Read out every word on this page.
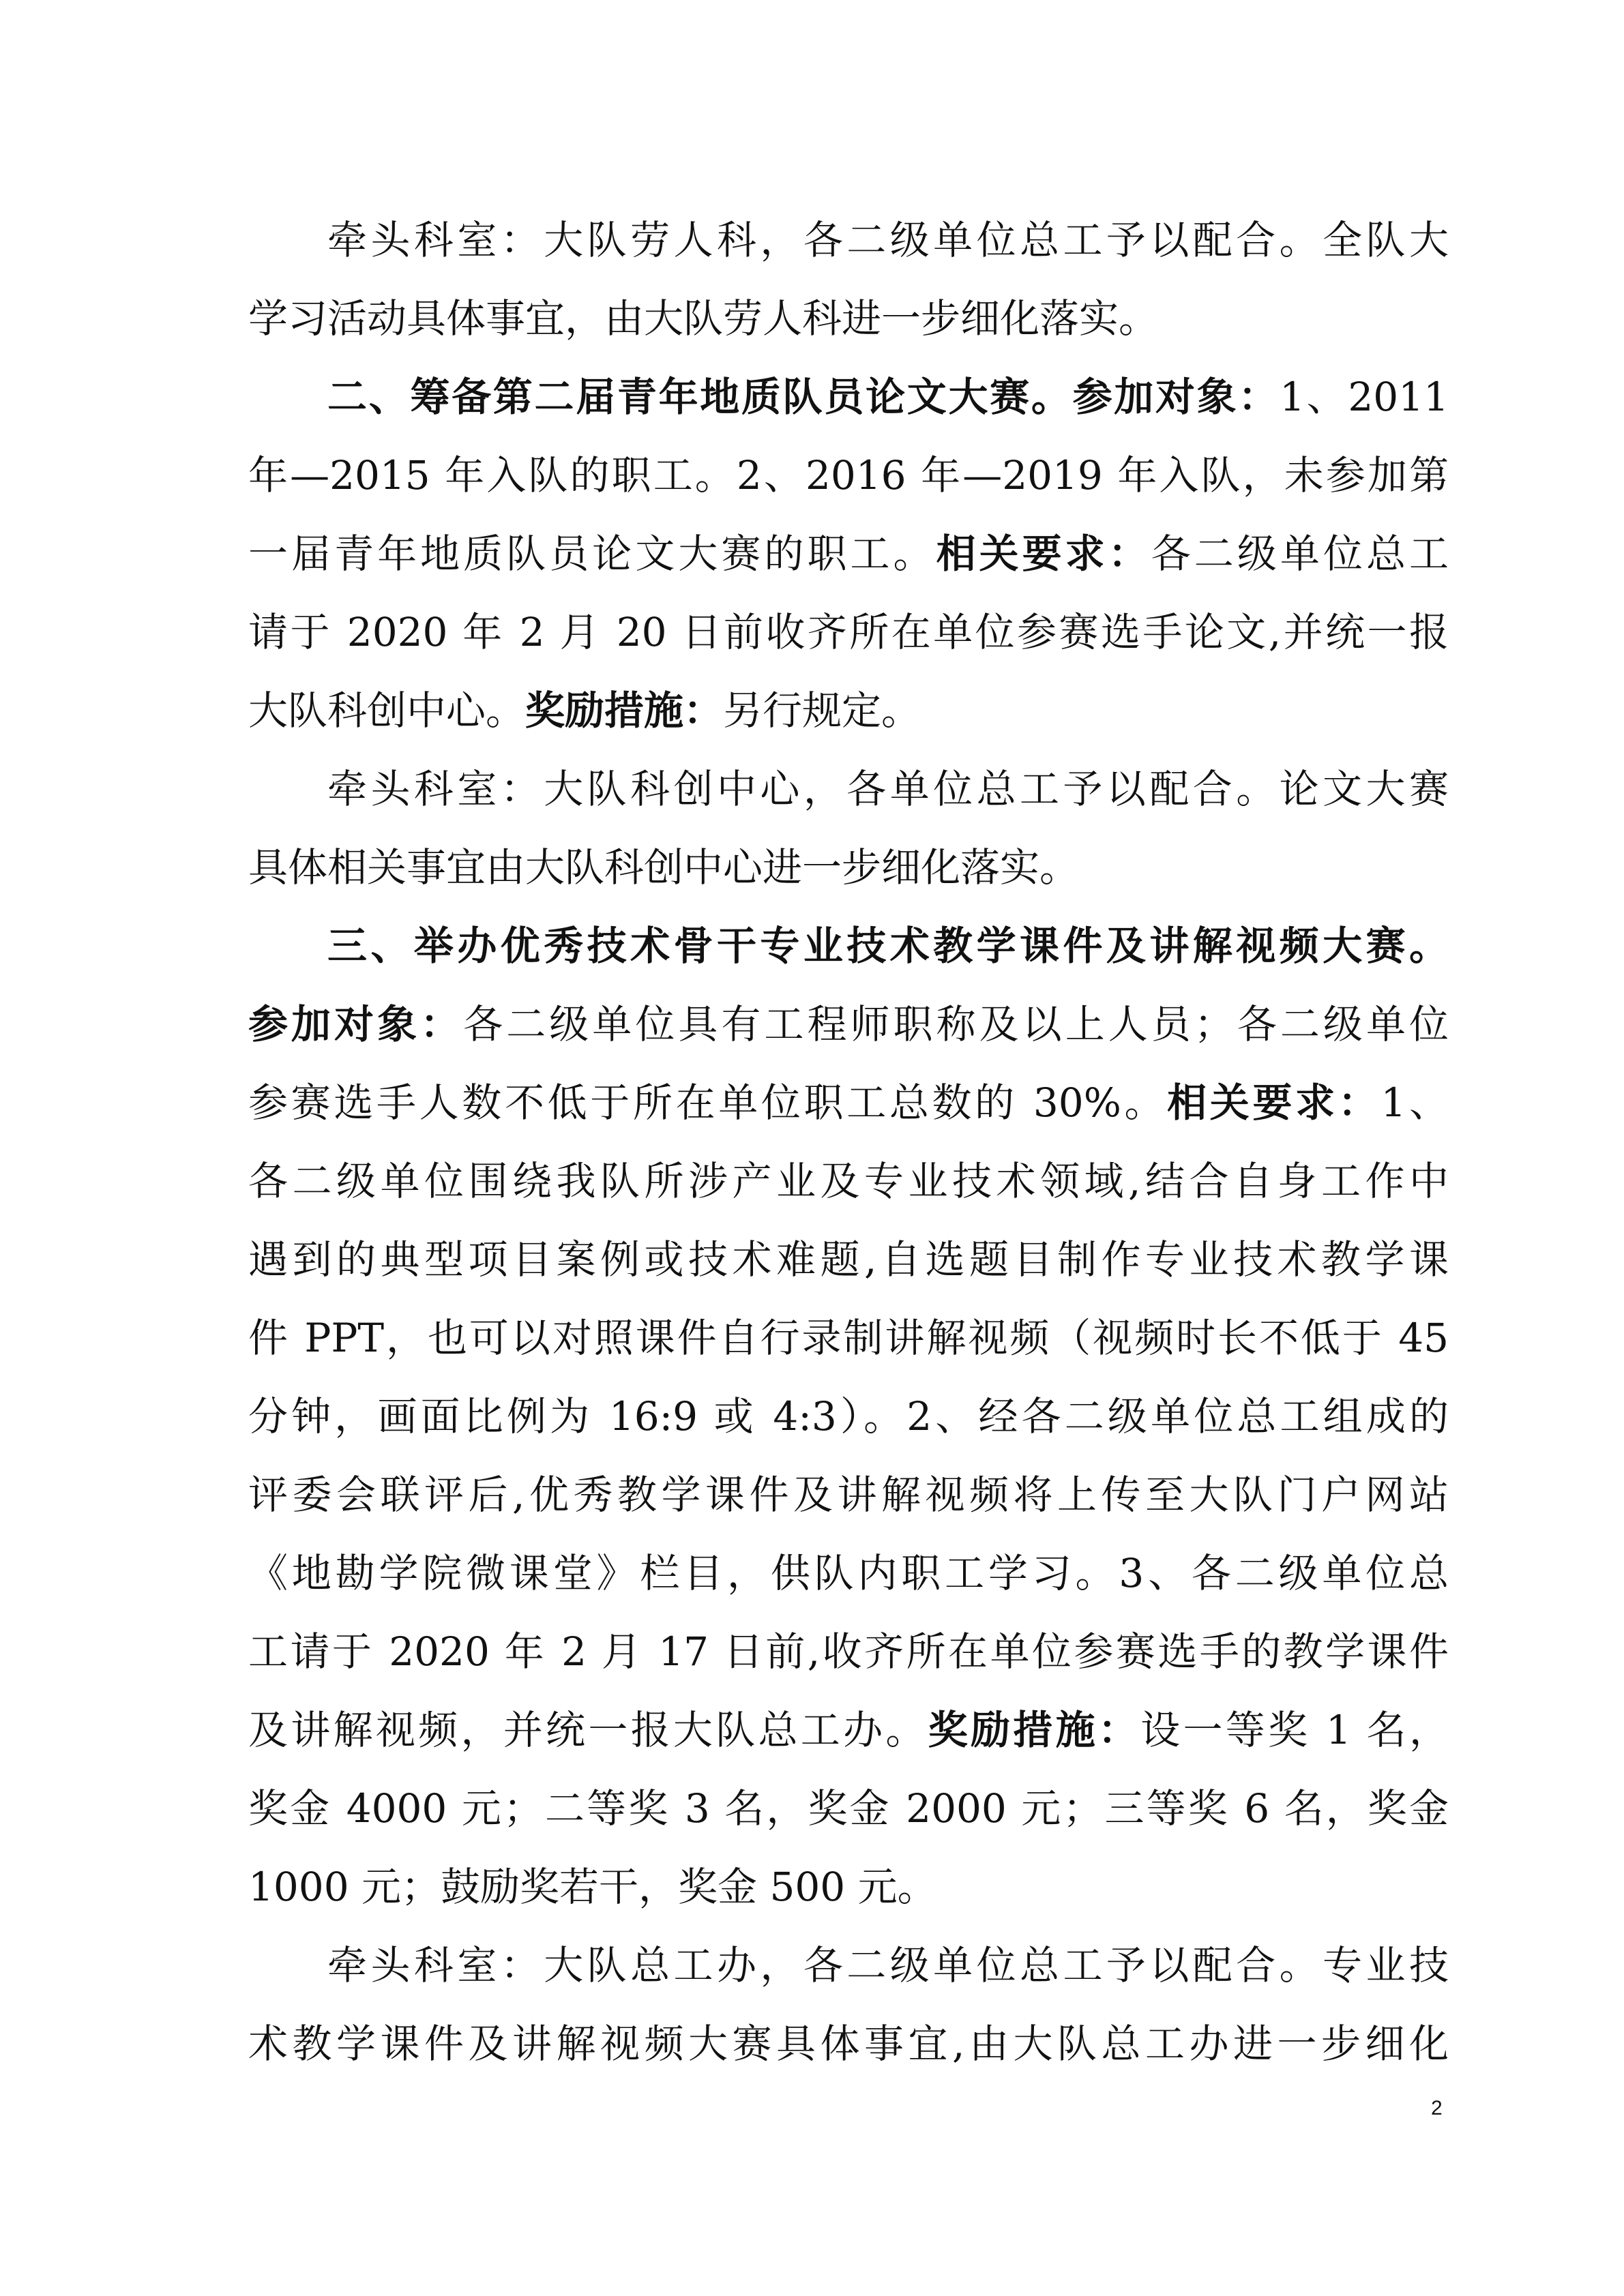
牵头科室：大队劳人科，各二级单位总工予以配合。全队大
学习活动具体事宜，由大队劳人科进一步细化落实。
二、筹备第二届青年地质队员论文大赛。参加对象：1、2011
年—2015 年入队的职工。2、2016 年—2019 年入队，未参加第
一届青年地质队员论文大赛的职工。相关要求：各二级单位总工
请于 2020 年 2 月 20 日前收齐所在单位参赛选手论文,并统一报
大队科创中心。奖励措施：另行规定。
牵头科室：大队科创中心，各单位总工予以配合。论文大赛
具体相关事宜由大队科创中心进一步细化落实。
三、举办优秀技术骨干专业技术教学课件及讲解视频大赛。
参加对象：各二级单位具有工程师职称及以上人员；各二级单位
参赛选手人数不低于所在单位职工总数的 30%。相关要求：1、
各二级单位围绕我队所涉产业及专业技术领域,结合自身工作中
遇到的典型项目案例或技术难题,自选题目制作专业技术教学课
件 PPT，也可以对照课件自行录制讲解视频（视频时长不低于 45
分钟，画面比例为 16:9 或 4:3）。2、经各二级单位总工组成的
评委会联评后,优秀教学课件及讲解视频将上传至大队门户网站
《地勘学院微课堂》栏目，供队内职工学习。3、各二级单位总
工请于 2020 年 2 月 17 日前,收齐所在单位参赛选手的教学课件
及讲解视频，并统一报大队总工办。奖励措施：设一等奖 1 名，
奖金 4000 元；二等奖 3 名，奖金 2000 元；三等奖 6 名，奖金
1000 元；鼓励奖若干，奖金 500 元。
牵头科室：大队总工办，各二级单位总工予以配合。专业技
术教学课件及讲解视频大赛具体事宜,由大队总工办进一步细化
2
